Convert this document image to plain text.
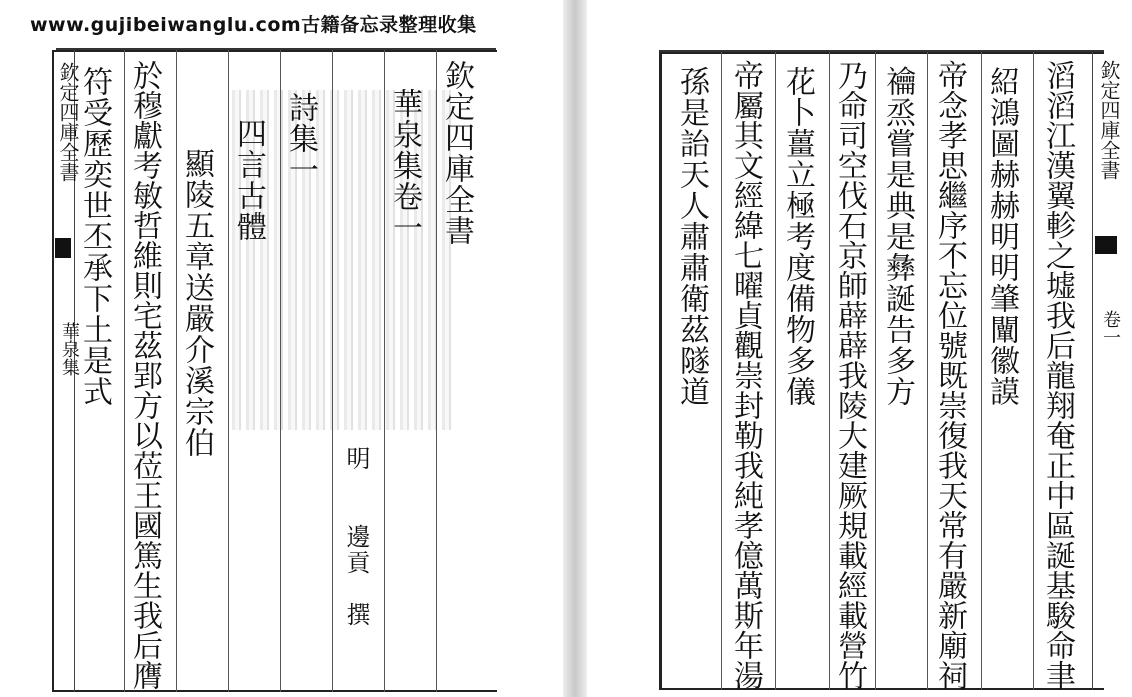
www.gujibeiwanglu.com古籍备忘录整理收集
欽定四庫全書
華泉集
欽定四庫全書
華泉集卷一
明　　邊貢　撰
詩集一
四言古體
顯陵五章送嚴介溪宗伯
於穆獻考敏哲維則宅茲郢方以莅王國篤生我后膺
符受歷奕世丕承下土是式	欽定四庫全書
卷一
滔滔江漢翼軫之墟我后龍翔奄正中區誕基駿命聿
紹鴻圖赫赫明明肇闡徽謨
帝念孝思繼序不忘位號既崇復我天常有嚴新廟祠
禴烝嘗是典是彝誕告多方
乃命司空伐石京師薜薜我陵大建厥規載經載營竹
花卜薑立極考度備物多儀
帝屬其文經緯七曜貞觀崇封勒我純孝億萬斯年湯
孫是詒天人肅肅衛茲隧道
